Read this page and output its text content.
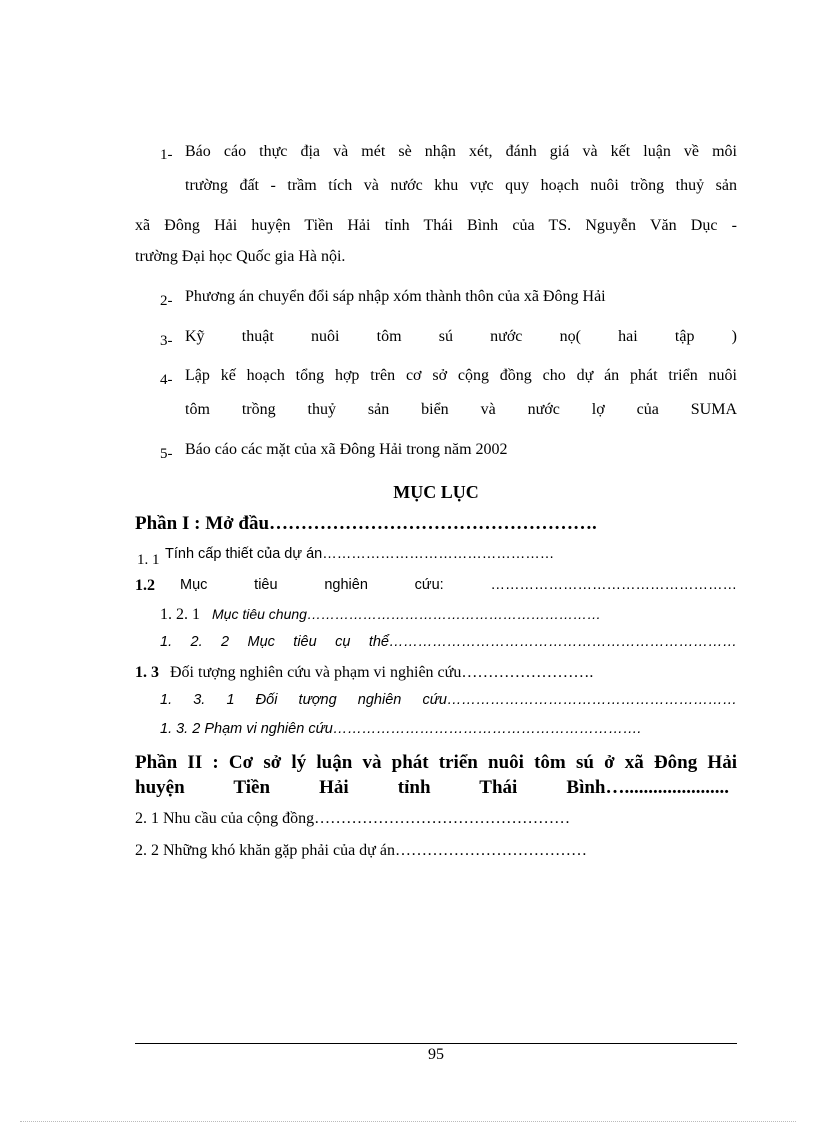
1- Báo cáo thực địa và mét sè nhận xét, đánh giá và kết luận về môi
trường đất - trầm tích và nước khu vực quy hoạch nuôi trồng thuỷ sản
xã Đông Hải huyện Tiền Hải tỉnh Thái Bình của TS. Nguyễn Văn Dục -
trường Đại học Quốc gia Hà nội.
2- Phương án chuyển đổi sáp nhập xóm thành thôn của xã Đông Hải
3- Kỹ thuật nuôi tôm sú nước nọ( hai tập )
4- Lập kế hoạch tổng hợp trên cơ sở cộng đồng cho dự án phát triển nuôi
tôm trồng thuỷ sản biển và nước lợ của SUMA
5- Báo cáo các mặt của xã Đông Hải trong năm 2002
MỤC LỤC
Phần I : Mở đầu…………………………………………….
1. 1 Tính cấp thiết của dự án…………………………………………
1.2 Mục tiêu nghiên cứu: ……………………………………………
1. 2. 1 Mục tiêu chung………………………………………………………
1. 2. 2 Mục tiêu cụ thể………………………………………………………………
1. 3 Đối tượng nghiên cứu và phạm vi nghiên cứu…………………….
1. 3. 1 Đối tượng nghiên cứu……………………………………………………
1. 3. 2 Phạm vi nghiên cứu……………………………………………………….
Phần II : Cơ sở lý luận và phát triển nuôi tôm sú ở xã Đông Hải
huyện Tiền Hải tỉnh Thái Bình…......................
2. 1 Nhu cầu của cộng đồng…………………………………………
2. 2 Những khó khăn gặp phải của dự án………………………………
95
